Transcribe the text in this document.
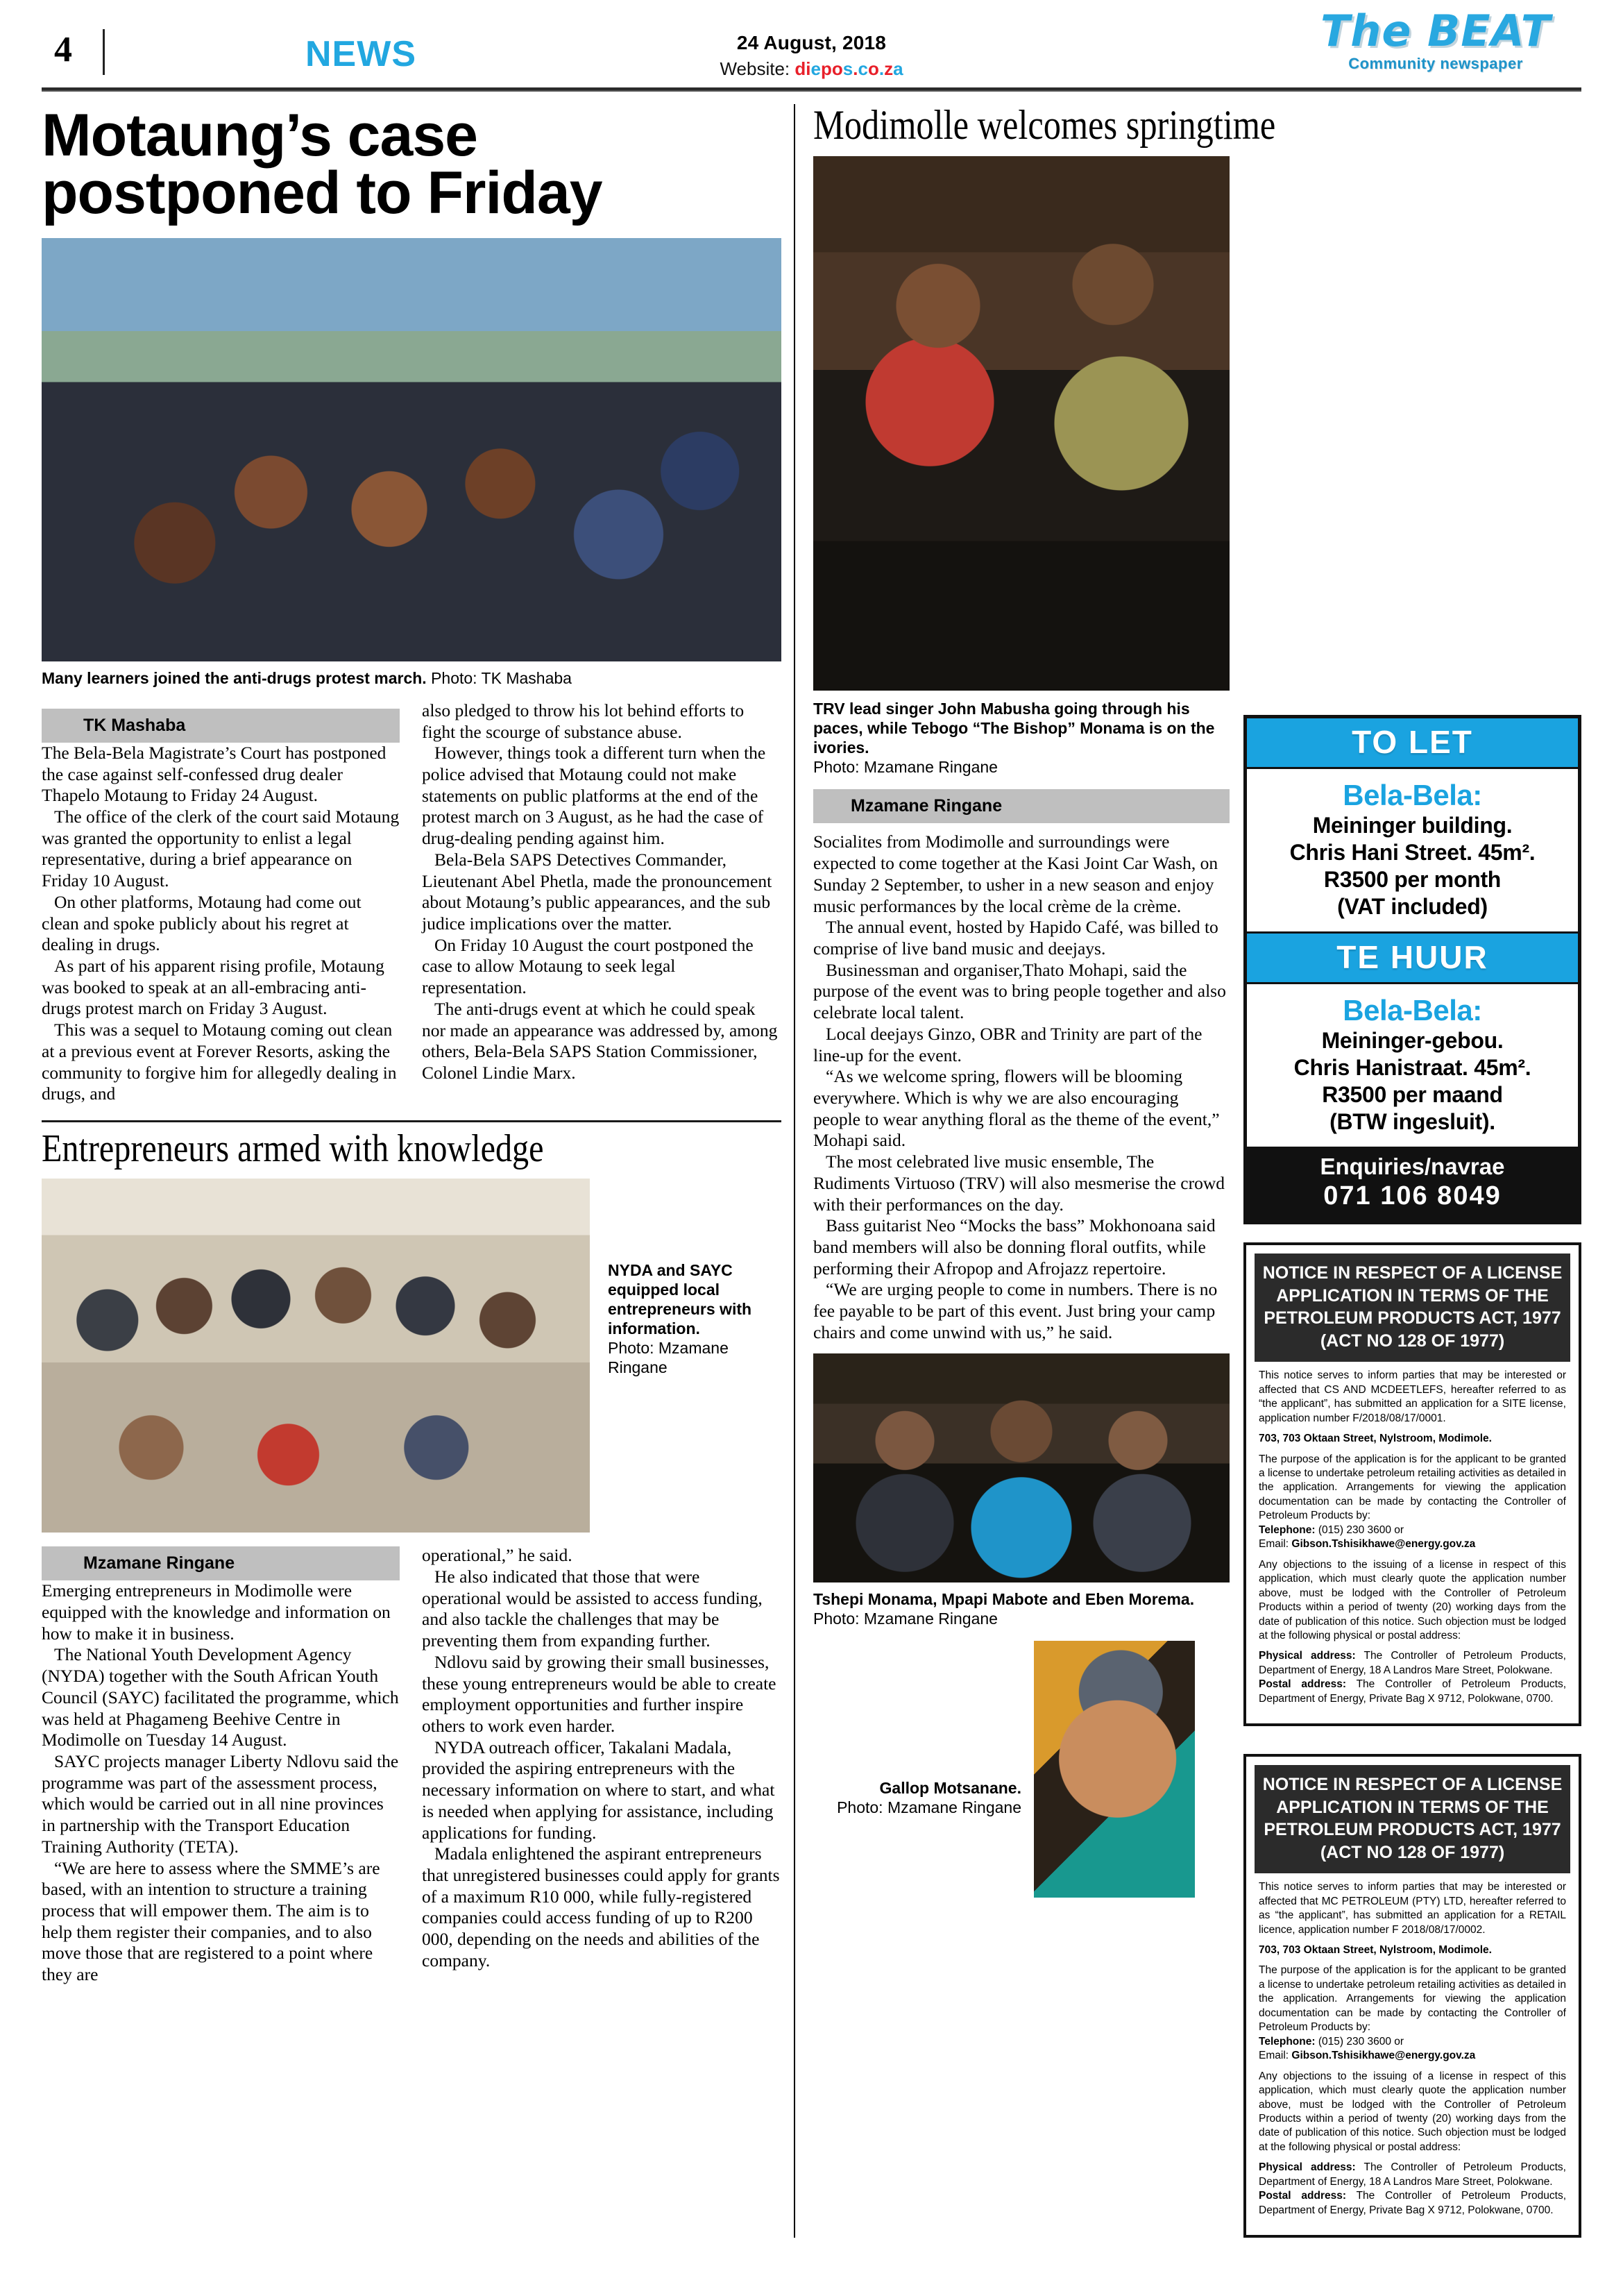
4	NEWS	24 August, 2018
Website: diepos.co.za
The BEAT
Community newspaper
Motaung’s case postponed to Friday
Many learners joined the anti-drugs protest march. Photo: TK Mashaba
TK Mashaba

The Bela-Bela Magistrate’s Court has postponed the case against self-confessed drug dealer Thapelo Motaung to Friday 24 August.

The office of the clerk of the court said Motaung was granted the opportunity to enlist a legal representative, during a brief appearance on Friday 10 August.

On other platforms, Motaung had come out clean and spoke publicly about his regret at dealing in drugs.

As part of his apparent rising profile, Motaung was booked to speak at an all-embracing anti-drugs protest march on Friday 3 August.

This was a sequel to Motaung coming out clean at a previous event at Forever Resorts, asking the community to forgive him for allegedly dealing in drugs, and

also pledged to throw his lot behind efforts to fight the scourge of substance abuse.

However, things took a different turn when the police advised that Motaung could not make statements on public platforms at the end of the protest march on 3 August, as he had the case of drug-dealing pending against him.

Bela-Bela SAPS Detectives Commander, Lieutenant Abel Phetla, made the pronouncement about Motaung’s public appearances, and the sub judice implications over the matter.

On Friday 10 August the court postponed the case to allow Motaung to seek legal representation.

The anti-drugs event at which he could speak nor made an appearance was addressed by, among others, Bela-Bela SAPS Station Commissioner, Colonel Lindie Marx.

Entrepreneurs armed with knowledge
NYDA and SAYC equipped local entrepreneurs with information.
Photo: Mzamane Ringane
Mzamane Ringane

Emerging entrepreneurs in Modimolle were equipped with the knowledge and information on how to make it in business.

The National Youth Development Agency (NYDA) together with the South African Youth Council (SAYC) facilitated the programme, which was held at Phagameng Beehive Centre in Modimolle on Tuesday 14 August.

SAYC projects manager Liberty Ndlovu said the programme was part of the assessment process, which would be carried out in all nine provinces in partnership with the Transport Education Training Authority (TETA).

“We are here to assess where the SMME’s are based, with an intention to structure a training process that will empower them. The aim is to help them register their companies, and to also move those that are registered to a point where they are

operational,” he said.

He also indicated that those that were operational would be assisted to access funding, and also tackle the challenges that may be preventing them from expanding further.

Ndlovu said by growing their small businesses, these young entrepreneurs would be able to create employment opportunities and further inspire others to work even harder.

NYDA outreach officer, Takalani Madala, provided the aspiring entrepreneurs with the necessary information on where to start, and what is needed when applying for assistance, including applications for funding.

Madala enlightened the aspirant entrepreneurs that unregistered businesses could apply for grants of a maximum R10 000, while fully-registered companies could access funding of up to R200 000, depending on the needs and abilities of the company.

Modimolle welcomes springtime
TRV lead singer John Mabusha going through his paces, while Tebogo “The Bishop” Monama is on the ivories.
Photo: Mzamane Ringane
Mzamane Ringane

Socialites from Modimolle and surroundings were expected to come together at the Kasi Joint Car Wash, on Sunday 2 September, to usher in a new season and enjoy music performances by the local crème de la crème.

The annual event, hosted by Hapido Café, was billed to comprise of live band music and deejays.

Businessman and organiser,Thato Mohapi, said the purpose of the event was to bring people together and also celebrate local talent.

Local deejays Ginzo, OBR and Trinity are part of the line-up for the event.

“As we welcome spring, flowers will be blooming everywhere. Which is why we are also encouraging people to wear anything floral as the theme of the event,” Mohapi said.

The most celebrated live music ensemble, The Rudiments Virtuoso (TRV) will also mesmerise the crowd with their performances on the day.

Bass guitarist Neo “Mocks the bass” Mokhonoana said band members will also be donning floral outfits, while performing their Afropop and Afrojazz repertoire.

“We are urging people to come in numbers. There is no fee payable to be part of this event. Just bring your camp chairs and come unwind with us,” he said.

Tshepi Monama, Mpapi Mabote and Eben Morema. Photo: Mzamane Ringane
Gallop Motsanane.
Photo: Mzamane Ringane
TO LET
Bela-Bela:
Meininger building.
Chris Hani Street. 45m².
R3500 per month
(VAT included)
TE HUUR
Bela-Bela:
Meininger-gebou.
Chris Hanistraat. 45m².
R3500 per maand
(BTW ingesluit).
Enquiries/navrae
071 106 8049
NOTICE IN RESPECT OF A LICENSE APPLICATION IN TERMS OF THE PETROLEUM PRODUCTS ACT, 1977 (ACT NO 128 OF 1977)

This notice serves to inform parties that may be interested or affected that CS AND MCDEETLEFS, hereafter referred to as “the applicant”, has submitted an application for a SITE license, application number F/2018/08/17/0001.

703, 703 Oktaan Street, Nylstroom, Modimole.

The purpose of the application is for the applicant to be granted a license to undertake petroleum retailing activities as detailed in the application. Arrangements for viewing the application documentation can be made by contacting the Controller of Petroleum Products by:
Telephone: (015) 230 3600 or
Email: Gibson.Tshisikhawe@energy.gov.za

Any objections to the issuing of a license in respect of this application, which must clearly quote the application number above, must be lodged with the Controller of Petroleum Products within a period of twenty (20) working days from the date of publication of this notice. Such objection must be lodged at the following physical or postal address:

Physical address: The Controller of Petroleum Products, Department of Energy, 18 A Landros Mare Street, Polokwane.
Postal address: The Controller of Petroleum Products, Department of Energy, Private Bag X 9712, Polokwane, 0700.

NOTICE IN RESPECT OF A LICENSE APPLICATION IN TERMS OF THE PETROLEUM PRODUCTS ACT, 1977 (ACT NO 128 OF 1977)

This notice serves to inform parties that may be interested or affected that MC PETROLEUM (PTY) LTD, hereafter referred to as “the applicant”, has submitted an application for a RETAIL licence, application number F 2018/08/17/0002.

703, 703 Oktaan Street, Nylstroom, Modimole.

The purpose of the application is for the applicant to be granted a license to undertake petroleum retailing activities as detailed in the application. Arrangements for viewing the application documentation can be made by contacting the Controller of Petroleum Products by:
Telephone: (015) 230 3600 or
Email: Gibson.Tshisikhawe@energy.gov.za

Any objections to the issuing of a license in respect of this application, which must clearly quote the application number above, must be lodged with the Controller of Petroleum Products within a period of twenty (20) working days from the date of publication of this notice. Such objection must be lodged at the following physical or postal address:

Physical address: The Controller of Petroleum Products, Department of Energy, 18 A Landros Mare Street, Polokwane.
Postal address: The Controller of Petroleum Products, Department of Energy, Private Bag X 9712, Polokwane, 0700.
